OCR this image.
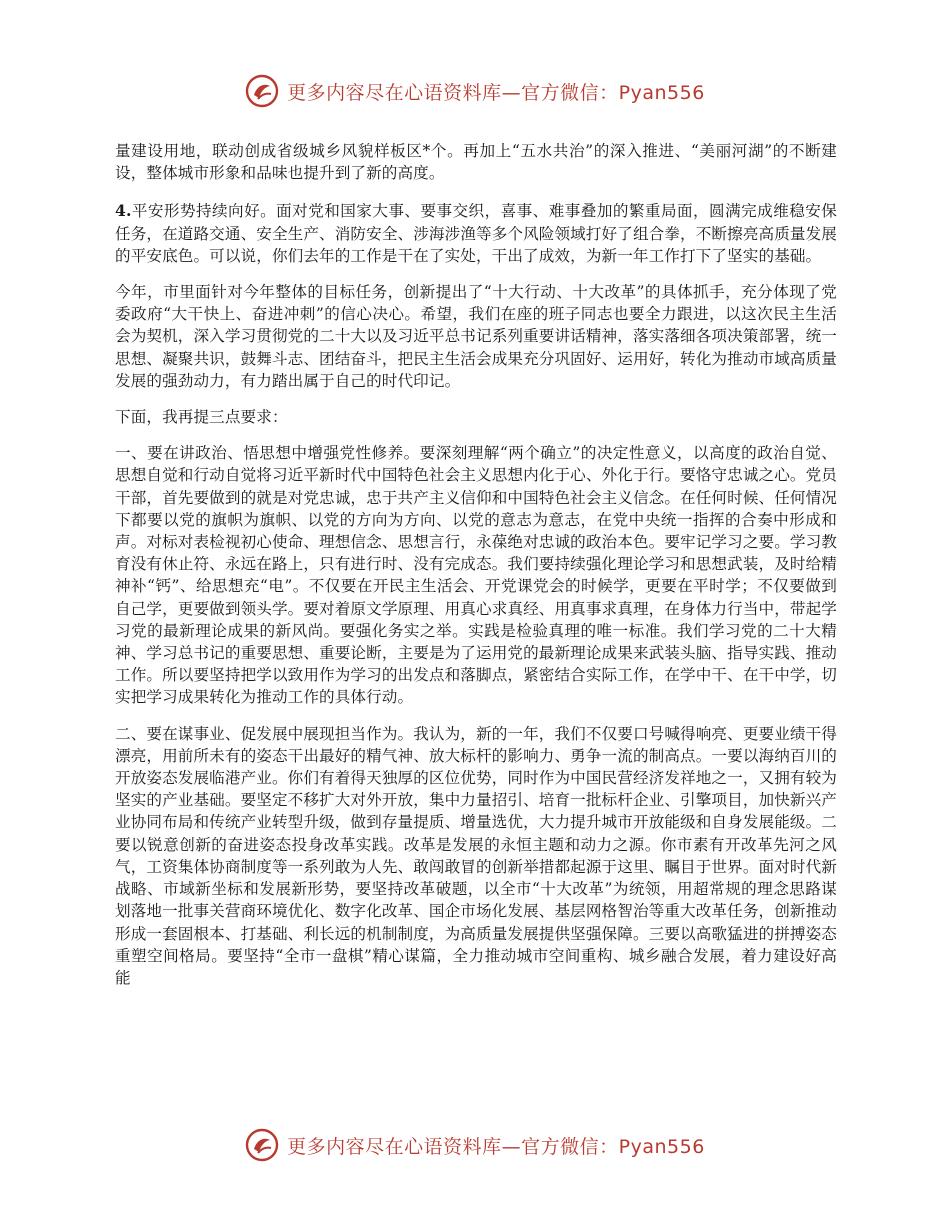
更多内容尽在心语资料库—官方微信：Pyan556

量建设用地，联动创成省级城乡风貌样板区*个。再加上“五水共治”的深入推进、“美丽河湖”的不断建设，整体城市形象和品味也提升到了新的高度。

4.平安形势持续向好。面对党和国家大事、要事交织，喜事、难事叠加的繁重局面，圆满完成维稳安保任务，在道路交通、安全生产、消防安全、涉海涉渔等多个风险领域打好了组合拳，不断擦亮高质量发展的平安底色。可以说，你们去年的工作是干在了实处，干出了成效，为新一年工作打下了坚实的基础。

今年，市里面针对今年整体的目标任务，创新提出了“十大行动、十大改革”的具体抓手，充分体现了党委政府“大干快上、奋进冲刺”的信心决心。希望，我们在座的班子同志也要全力跟进，以这次民主生活会为契机，深入学习贯彻党的二十大以及习近平总书记系列重要讲话精神，落实落细各项决策部署，统一思想、凝聚共识，鼓舞斗志、团结奋斗，把民主生活会成果充分巩固好、运用好，转化为推动市域高质量发展的强劲动力，有力踏出属于自己的时代印记。

下面，我再提三点要求：

一、要在讲政治、悟思想中增强党性修养。要深刻理解“两个确立”的决定性意义，以高度的政治自觉、思想自觉和行动自觉将习近平新时代中国特色社会主义思想内化于心、外化于行。要恪守忠诚之心。党员干部，首先要做到的就是对党忠诚，忠于共产主义信仰和中国特色社会主义信念。在任何时候、任何情况下都要以党的旗帜为旗帜、以党的方向为方向、以党的意志为意志，在党中央统一指挥的合奏中形成和声。对标对表检视初心使命、理想信念、思想言行，永葆绝对忠诚的政治本色。要牢记学习之要。学习教育没有休止符、永远在路上，只有进行时、没有完成态。我们要持续强化理论学习和思想武装，及时给精神补“钙”、给思想充“电”。不仅要在开民主生活会、开党课党会的时候学，更要在平时学；不仅要做到自己学，更要做到领头学。要对着原文学原理、用真心求真经、用真事求真理，在身体力行当中，带起学习党的最新理论成果的新风尚。要强化务实之举。实践是检验真理的唯一标准。我们学习党的二十大精神、学习总书记的重要思想、重要论断，主要是为了运用党的最新理论成果来武装头脑、指导实践、推动工作。所以要坚持把学以致用作为学习的出发点和落脚点，紧密结合实际工作，在学中干、在干中学，切实把学习成果转化为推动工作的具体行动。

二、要在谋事业、促发展中展现担当作为。我认为，新的一年，我们不仅要口号喊得响亮、更要业绩干得漂亮，用前所未有的姿态干出最好的精气神、放大标杆的影响力、勇争一流的制高点。一要以海纳百川的开放姿态发展临港产业。你们有着得天独厚的区位优势，同时作为中国民营经济发祥地之一，又拥有较为坚实的产业基础。要坚定不移扩大对外开放，集中力量招引、培育一批标杆企业、引擎项目，加快新兴产业协同布局和传统产业转型升级，做到存量提质、增量选优，大力提升城市开放能级和自身发展能级。二要以锐意创新的奋进姿态投身改革实践。改革是发展的永恒主题和动力之源。你市素有开改革先河之风气，工资集体协商制度等一系列敢为人先、敢闯敢冒的创新举措都起源于这里、瞩目于世界。面对时代新战略、市域新坐标和发展新形势，要坚持改革破题，以全市“十大改革”为统领，用超常规的理念思路谋划落地一批事关营商环境优化、数字化改革、国企市场化发展、基层网格智治等重大改革任务，创新推动形成一套固根本、打基础、利长远的机制制度，为高质量发展提供坚强保障。三要以高歌猛进的拼搏姿态重塑空间格局。要坚持“全市一盘棋”精心谋篇，全力推动城市空间重构、城乡融合发展，着力建设好高能

更多内容尽在心语资料库—官方微信：Pyan556
